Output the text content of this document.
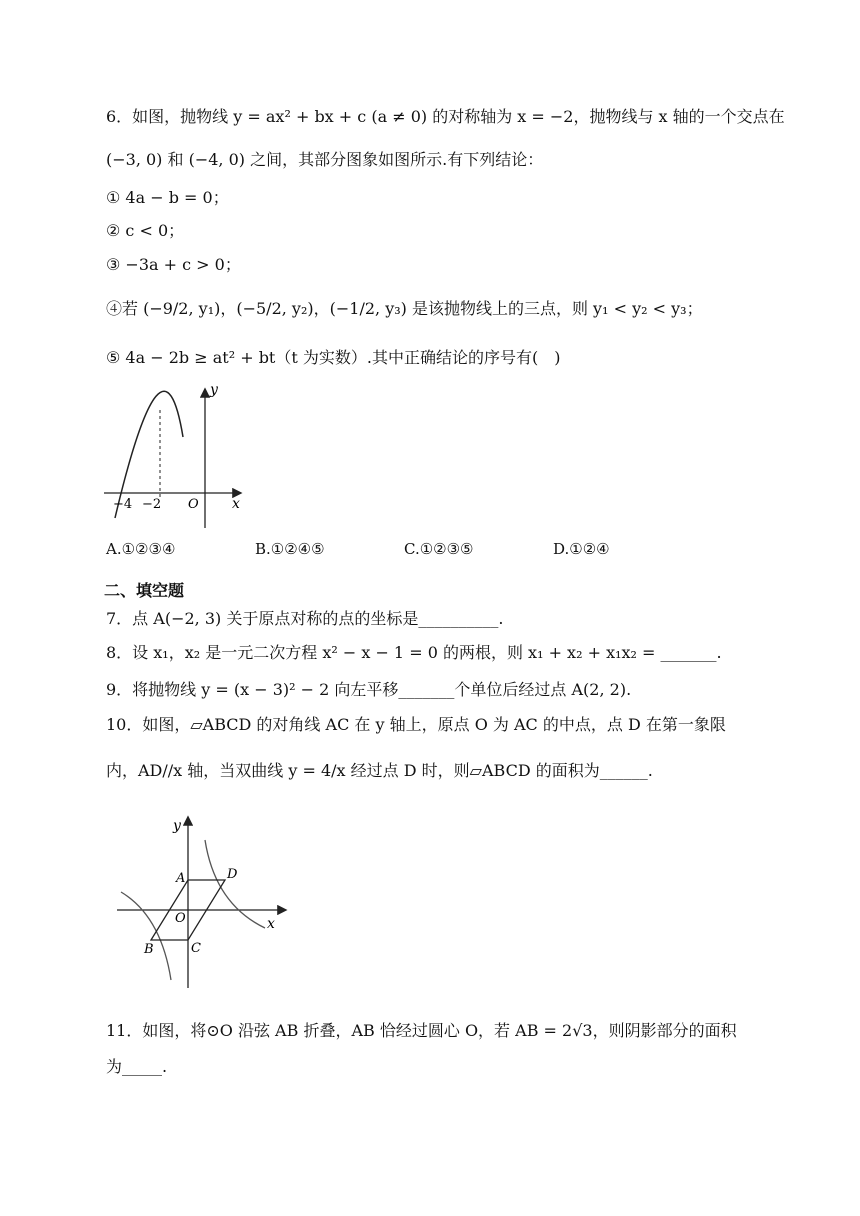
6．如图，抛物线 y = ax² + bx + c (a ≠ 0) 的对称轴为 x = −2，抛物线与 x 轴的一个交点在
(−3, 0) 和 (−4, 0) 之间，其部分图象如图所示.有下列结论：
① 4a − b = 0；
② c < 0；
③ −3a + c > 0；
④若 (−9/2, y₁)，(−5/2, y₂)，(−1/2, y₃) 是该抛物线上的三点，则 y₁ < y₂ < y₃；
⑤ 4a − 2b ≥ at² + bt（t 为实数）.其中正确结论的序号有(　)
y
x
O
−4 −2
A.①②③④	B.①②④⑤	C.①②③⑤	D.①②④
二、填空题
7．点 A(−2, 3) 关于原点对称的点的坐标是__________.
8．设 x₁，x₂ 是一元二次方程 x² − x − 1 = 0 的两根，则 x₁ + x₂ + x₁x₂ = _______.
9．将抛物线 y = (x − 3)² − 2 向左平移_______个单位后经过点 A(2, 2).
10．如图，▱ABCD 的对角线 AC 在 y 轴上，原点 O 为 AC 的中点，点 D 在第一象限
内，AD//x 轴，当双曲线 y = 4/x 经过点 D 时，则▱ABCD 的面积为______.
y
x
O
A	D
B	C
11．如图，将⊙O 沿弦 AB 折叠，AB 恰经过圆心 O，若 AB = 2√3，则阴影部分的面积
为_____.
